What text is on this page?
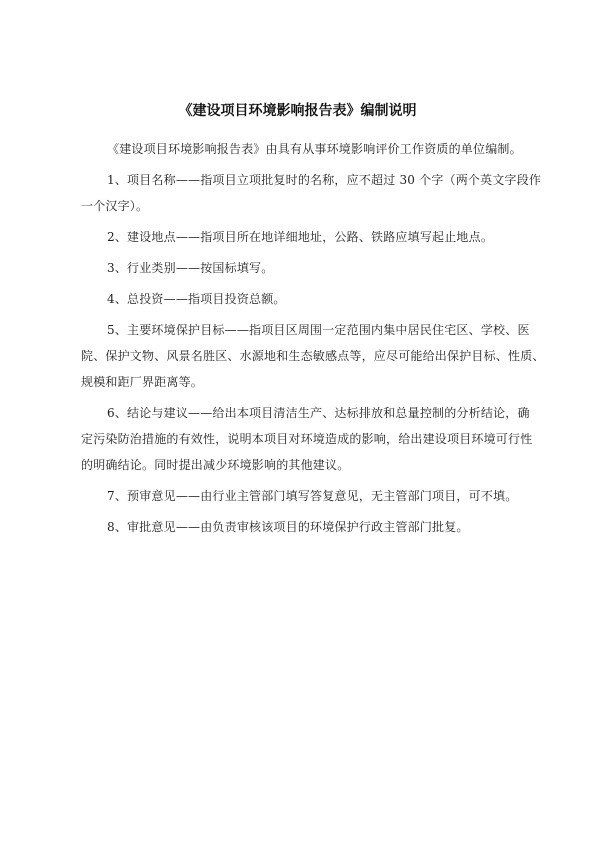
《建设项目环境影响报告表》编制说明

《建设项目环境影响报告表》由具有从事环境影响评价工作资质的单位编制。

1、项目名称——指项目立项批复时的名称，应不超过 30 个字（两个英文字段作
一个汉字）。

2、建设地点——指项目所在地详细地址，公路、铁路应填写起止地点。

3、行业类别——按国标填写。

4、总投资——指项目投资总额。

5、主要环境保护目标——指项目区周围一定范围内集中居民住宅区、学校、医
院、保护文物、风景名胜区、水源地和生态敏感点等，应尽可能给出保护目标、性质、
规模和距厂界距离等。

6、结论与建议——给出本项目清洁生产、达标排放和总量控制的分析结论，确
定污染防治措施的有效性，说明本项目对环境造成的影响，给出建设项目环境可行性
的明确结论。同时提出减少环境影响的其他建议。

7、预审意见——由行业主管部门填写答复意见，无主管部门项目，可不填。

8、审批意见——由负责审核该项目的环境保护行政主管部门批复。
